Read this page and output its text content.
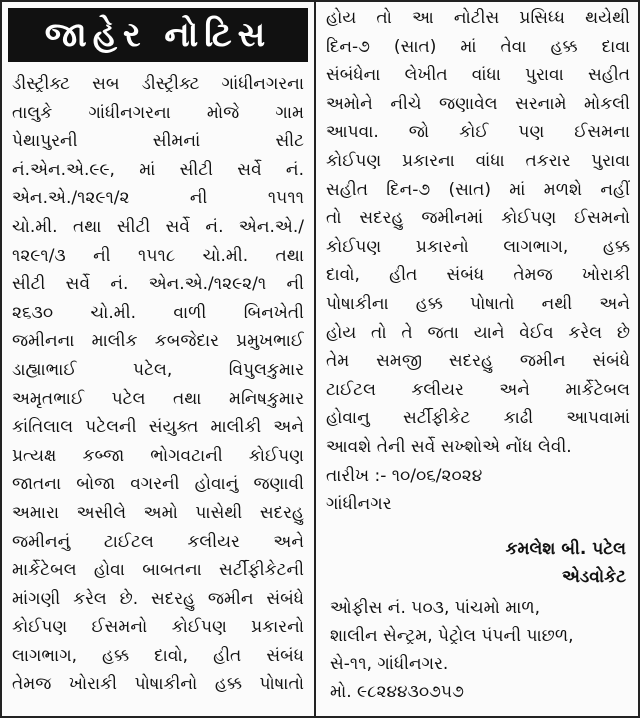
જાહેર નોટિસ
ડીસ્ટ્રીક્ટ સબ ડીસ્ટ્રીક્ટ ગાંધીનગરના
તાલુકે ગાંધીનગરના મોજે ગામ
પેથાપુરની સીમનાં સીટ
નં.એન.એ.૯૯, માં સીટી સર્વે નં.
એન.એ./૧૨૯૧/૨ ની ૧૫૧૧
ચો.મી. તથા સીટી સર્વે નં. એન.એ./
૧૨૯૧/૩ ની ૧૫૧૮ ચો.મી. તથા
સીટી સર્વે નં. એન.એ./૧૨૯૨/૧ ની
૨૬૩૦ ચો.મી. વાળી બિનખેતી
જમીનના માલીક કબજેદાર પ્રમુખભાઈ
ડાહ્યાભાઈ પટેલ, વિપુલકુમાર
અમૃતભાઈ પટેલ તથા મનિષકુમાર
કાંતિલાલ પટેલની સંયુક્ત માલીકી અને
પ્રત્યક્ષ કબ્જા ભોગવટાની કોઈપણ
જાતના બોજા વગરની હોવાનું જણાવી
અમારા અસીલે અમો પાસેથી સદરહુ
જમીનનું ટાઈટલ કલીયર અને
માર્કેટેબલ હોવા બાબતના સર્ટીફીકેટની
માંગણી કરેલ છે. સદરહુ જમીન સંબંધે
કોઈપણ ઈસમનો કોઈપણ પ્રકારનો
લાગભાગ, હક્ક દાવો, હીત સંબંધ
તેમજ ખોરાકી પોષાકીનો હક્ક પોષાતો
હોય તો આ નોટીસ પ્રસિધ્ધ થયેથી
દિન-૭ (સાત) માં તેવા હક્ક દાવા
સંબંધેના લેખીત વાંધા પુરાવા સહીત
અમોને નીચે જણાવેલ સરનામે મોકલી
આપવા. જો કોઈ પણ ઈસમના
કોઈપણ પ્રકારના વાંધા તકરાર પુરાવા
સહીત દિન-૭ (સાત) માં મળશે નહીં
તો સદરહુ જમીનમાં કોઈપણ ઈસમનો
કોઈપણ પ્રકારનો લાગભાગ, હક્ક
દાવો, હીત સંબંધ તેમજ ખોરાકી
પોષાકીના હક્ક પોષાતો નથી અને
હોય તો તે જતા યાને વેઈવ કરેલ છે
તેમ સમજી સદરહુ જમીન સંબંધે
ટાઈટલ કલીયર અને માર્કેટેબલ
હોવાનુ સર્ટીફીકેટ કાઢી આપવામાં
આવશે તેની સર્વે સખ્શોએ નોંધ લેવી.
તારીખ :- ૧૦/૦૬/૨૦૨૪
ગાંધીનગર
કમલેશ બી. પટેલ
એડવોકેટ
ઓફીસ નં. ૫૦૩, પાંચમો માળ,
શાલીન સેન્ટ્રમ, પેટ્રોલ પંપની પાછળ,
સે-૧૧, ગાંધીનગર.
મો. ૯૮૨૪૪૩૦૭૫૭
